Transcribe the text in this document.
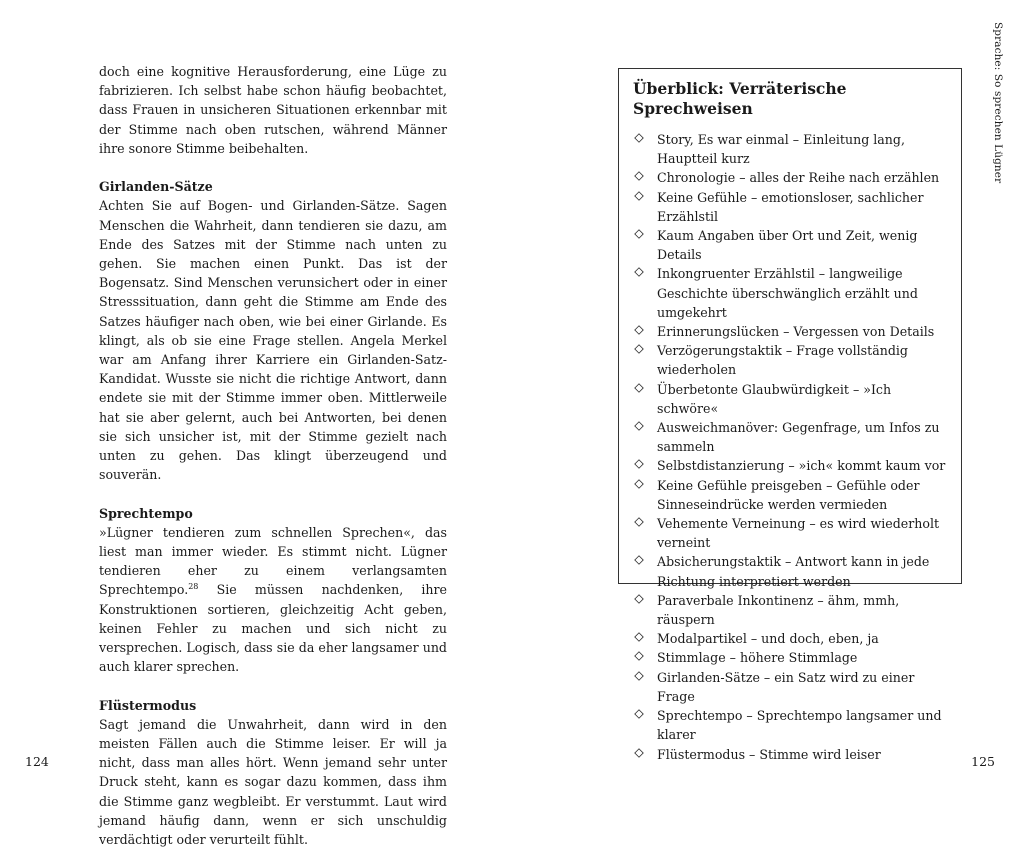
doch eine kognitive Herausforderung, eine Lüge zu fabrizieren. Ich selbst habe schon häufig beobachtet, dass Frauen in unsicheren Situationen erkennbar mit der Stimme nach oben rutschen, während Männer ihre sonore Stimme beibehalten.

Girlanden-Sätze

Achten Sie auf Bogen- und Girlanden-Sätze. Sagen Menschen die Wahrheit, dann tendieren sie dazu, am Ende des Satzes mit der Stimme nach unten zu gehen. Sie machen einen Punkt. Das ist der Bogensatz. Sind Menschen verunsichert oder in einer Stresssituation, dann geht die Stimme am Ende des Satzes häufiger nach oben, wie bei einer Girlande. Es klingt, als ob sie eine Frage stellen. Angela Merkel war am Anfang ihrer Karriere ein Girlanden-Satz-Kandidat. Wusste sie nicht die richtige Antwort, dann endete sie mit der Stimme immer oben. Mittlerweile hat sie aber gelernt, auch bei Antworten, bei denen sie sich unsicher ist, mit der Stimme gezielt nach unten zu gehen. Das klingt überzeugend und souverän.

Sprechtempo

»Lügner tendieren zum schnellen Sprechen«, das liest man immer wieder. Es stimmt nicht. Lügner tendieren eher zu einem verlangsamten Sprechtempo.$^{28}$ Sie müssen nachdenken, ihre Konstruktionen sortieren, gleichzeitig Acht geben, keinen Fehler zu machen und sich nicht zu versprechen. Logisch, dass sie da eher langsamer und auch klarer sprechen.

Flüstermodus

Sagt jemand die Unwahrheit, dann wird in den meisten Fällen auch die Stimme leiser. Er will ja nicht, dass man alles hört. Wenn jemand sehr unter Druck steht, kann es sogar dazu kommen, dass ihm die Stimme ganz wegbleibt. Er verstummt. Laut wird jemand häufig dann, wenn er sich unschuldig verdächtigt oder verurteilt fühlt.

124
Sprache: So sprechen Lügner
Überblick: Verräterische Sprechweisen
Story, Es war einmal – Einleitung lang, Hauptteil kurz
Chronologie – alles der Reihe nach erzählen
Keine Gefühle – emotionsloser, sachlicher Erzählstil
Kaum Angaben über Ort und Zeit, wenig Details
Inkongruenter Erzählstil – langweilige Geschichte überschwänglich erzählt und umgekehrt
Erinnerungslücken – Vergessen von Details
Verzögerungstaktik – Frage vollständig wiederholen
Überbetonte Glaubwürdigkeit – »Ich schwöre«
Ausweichmanöver: Gegenfrage, um Infos zu sammeln
Selbstdistanzierung – »ich« kommt kaum vor
Keine Gefühle preisgeben – Gefühle oder Sinneseindrücke werden vermieden
Vehemente Verneinung – es wird wiederholt verneint
Absicherungstaktik – Antwort kann in jede Richtung interpretiert werden
Paraverbale Inkontinenz – ähm, mmh, räuspern
Modalpartikel – und doch, eben, ja
Stimmlage – höhere Stimmlage
Girlanden-Sätze – ein Satz wird zu einer Frage
Sprechtempo – Sprechtempo langsamer und klarer
Flüstermodus – Stimme wird leiser	125
